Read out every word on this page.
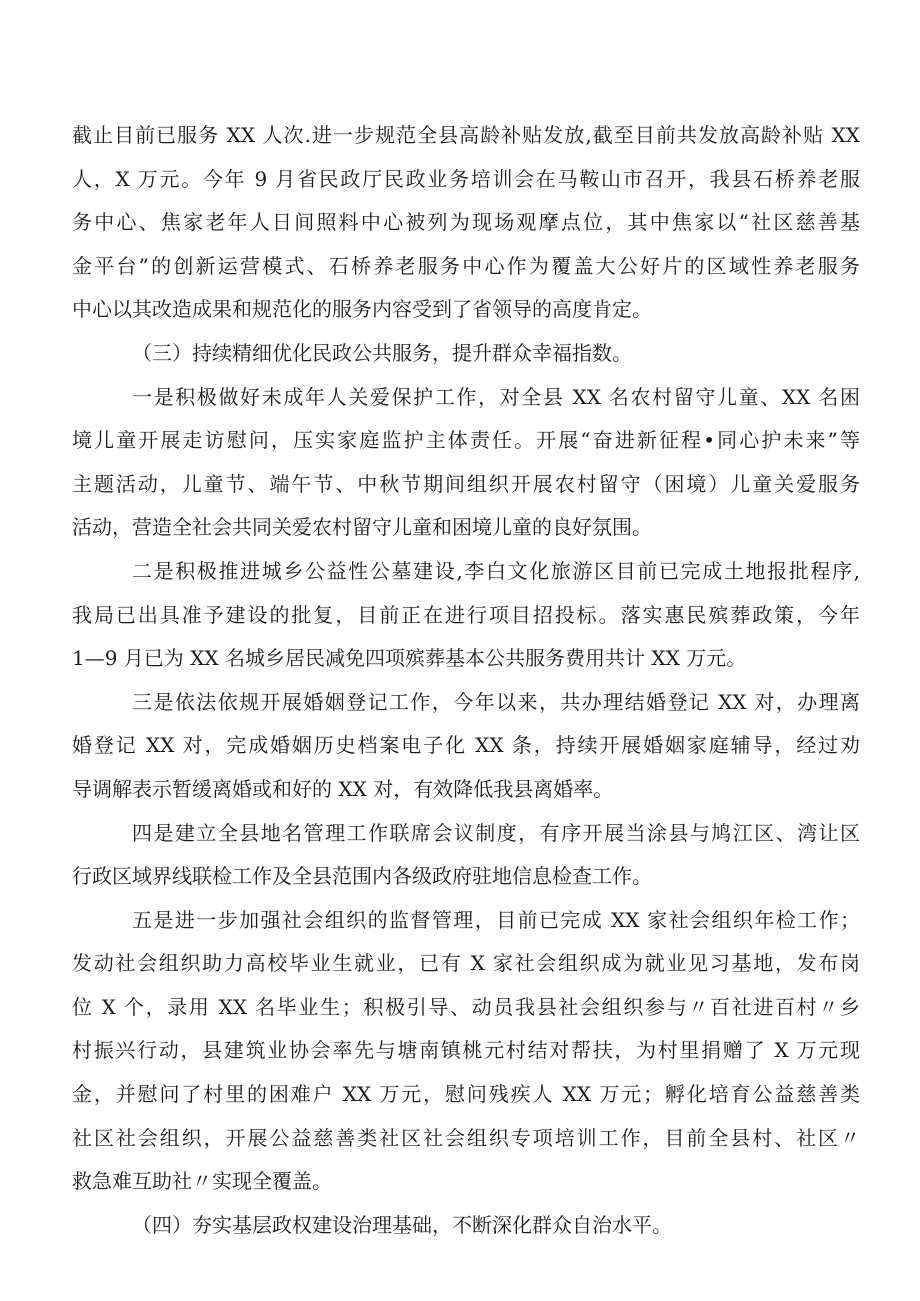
截止目前已服务 XX 人次.进一步规范全县高龄补贴发放,截至目前共发放高龄补贴 XX
人，X 万元。今年 9 月省民政厅民政业务培训会在马鞍山市召开，我县石桥养老服
务中心、焦家老年人日间照料中心被列为现场观摩点位，其中焦家以“社区慈善基
金平台”的创新运营模式、石桥养老服务中心作为覆盖大公好片的区域性养老服务
中心以其改造成果和规范化的服务内容受到了省领导的高度肯定。
（三）持续精细优化民政公共服务，提升群众幸福指数。
一是积极做好未成年人关爱保护工作，对全县 XX 名农村留守儿童、XX 名困
境儿童开展走访慰问，压实家庭监护主体责任。开展“奋进新征程•同心护未来”等
主题活动，儿童节、端午节、中秋节期间组织开展农村留守（困境）儿童关爱服务
活动，营造全社会共同关爱农村留守儿童和困境儿童的良好氛围。
二是积极推进城乡公益性公墓建设,李白文化旅游区目前已完成土地报批程序,
我局已出具准予建设的批复，目前正在进行项目招投标。落实惠民殡葬政策，今年
1—9 月已为 XX 名城乡居民减免四项殡葬基本公共服务费用共计 XX 万元。
三是依法依规开展婚姻登记工作，今年以来，共办理结婚登记 XX 对，办理离
婚登记 XX 对，完成婚姻历史档案电子化 XX 条，持续开展婚姻家庭辅导，经过劝
导调解表示暂缓离婚或和好的 XX 对，有效降低我县离婚率。
四是建立全县地名管理工作联席会议制度，有序开展当涂县与鸠江区、湾让区
行政区域界线联检工作及全县范围内各级政府驻地信息检查工作。
五是进一步加强社会组织的监督管理，目前已完成 XX 家社会组织年检工作；
发动社会组织助力高校毕业生就业，已有 X 家社会组织成为就业见习基地，发布岗
位 X 个，录用 XX 名毕业生；积极引导、动员我县社会组织参与〃百社进百村〃乡
村振兴行动，县建筑业协会率先与塘南镇桃元村结对帮扶，为村里捐赠了 X 万元现
金，并慰问了村里的困难户 XX 万元，慰问残疾人 XX 万元；孵化培育公益慈善类
社区社会组织，开展公益慈善类社区社会组织专项培训工作，目前全县村、社区〃
救急难互助社〃实现全覆盖。
（四）夯实基层政权建设治理基础，不断深化群众自治水平。
